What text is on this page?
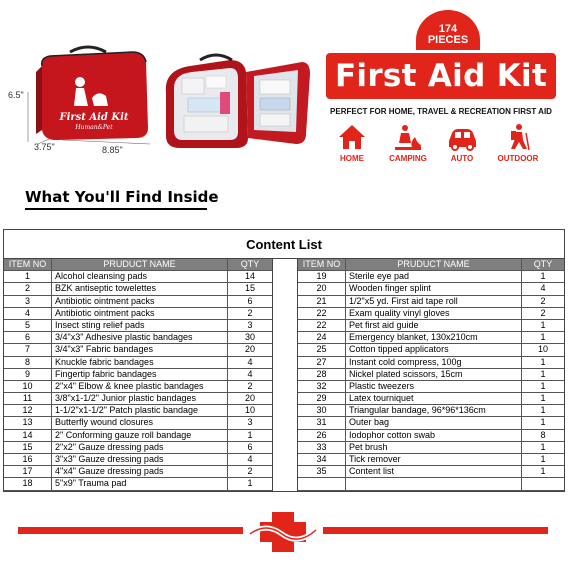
6.5"
3.75"	8.85"
First Aid Kit
Human&Pet
174
PIECES
First Aid Kit
PERFECT FOR HOME, TRAVEL & RECREATION FIRST AID
HOME	CAMPING	AUTO	OUTDOOR
What You'll Find Inside
Content List
ITEM NO	PRUDUCT NAME	QTY
1	Alcohol cleansing pads	14
2	BZK antiseptic towelettes	15
3	Antibiotic ointment packs	6
4	Antibiotic ointment packs	2
5	Insect sting relief pads	3
6	3/4"x3" Adhesive plastic bandages	30
7	3/4"x3" Fabric bandages	20
8	Knuckle fabric bandages	4
9	Fingertip fabric bandages	4
10	2"x4" Elbow & knee plastic bandages	2
11	3/8"x1-1/2" Junior plastic bandages	20
12	1-1/2"x1-1/2" Patch plastic bandage	10
13	Butterfly wound closures	3
14	2" Conforming gauze roll bandage	1
15	2"x2" Gauze dressing pads	6
16	3"x3" Gauze dressing pads	4
17	4"x4" Gauze dressing pads	2
18	5"x9" Trauma pad	1
ITEM NO	PRUDUCT NAME	QTY
19	Sterile eye pad	1
20	Wooden finger splint	4
21	1/2"x5 yd. First aid tape roll	2
22	Exam quality vinyl gloves	2
22	Pet first aid guide	1
24	Emergency blanket, 130x210cm	1
25	Cotton tipped applicators	10
27	Instant cold compress, 100g	1
28	Nickel plated scissors, 15cm	1
32	Plastic tweezers	1
29	Latex tourniquet	1
30	Triangular bandage, 96*96*136cm	1
31	Outer bag	1
26	Iodophor cotton swab	8
33	Pet brush	1
34	Tick remover	1
35	Content list	1
